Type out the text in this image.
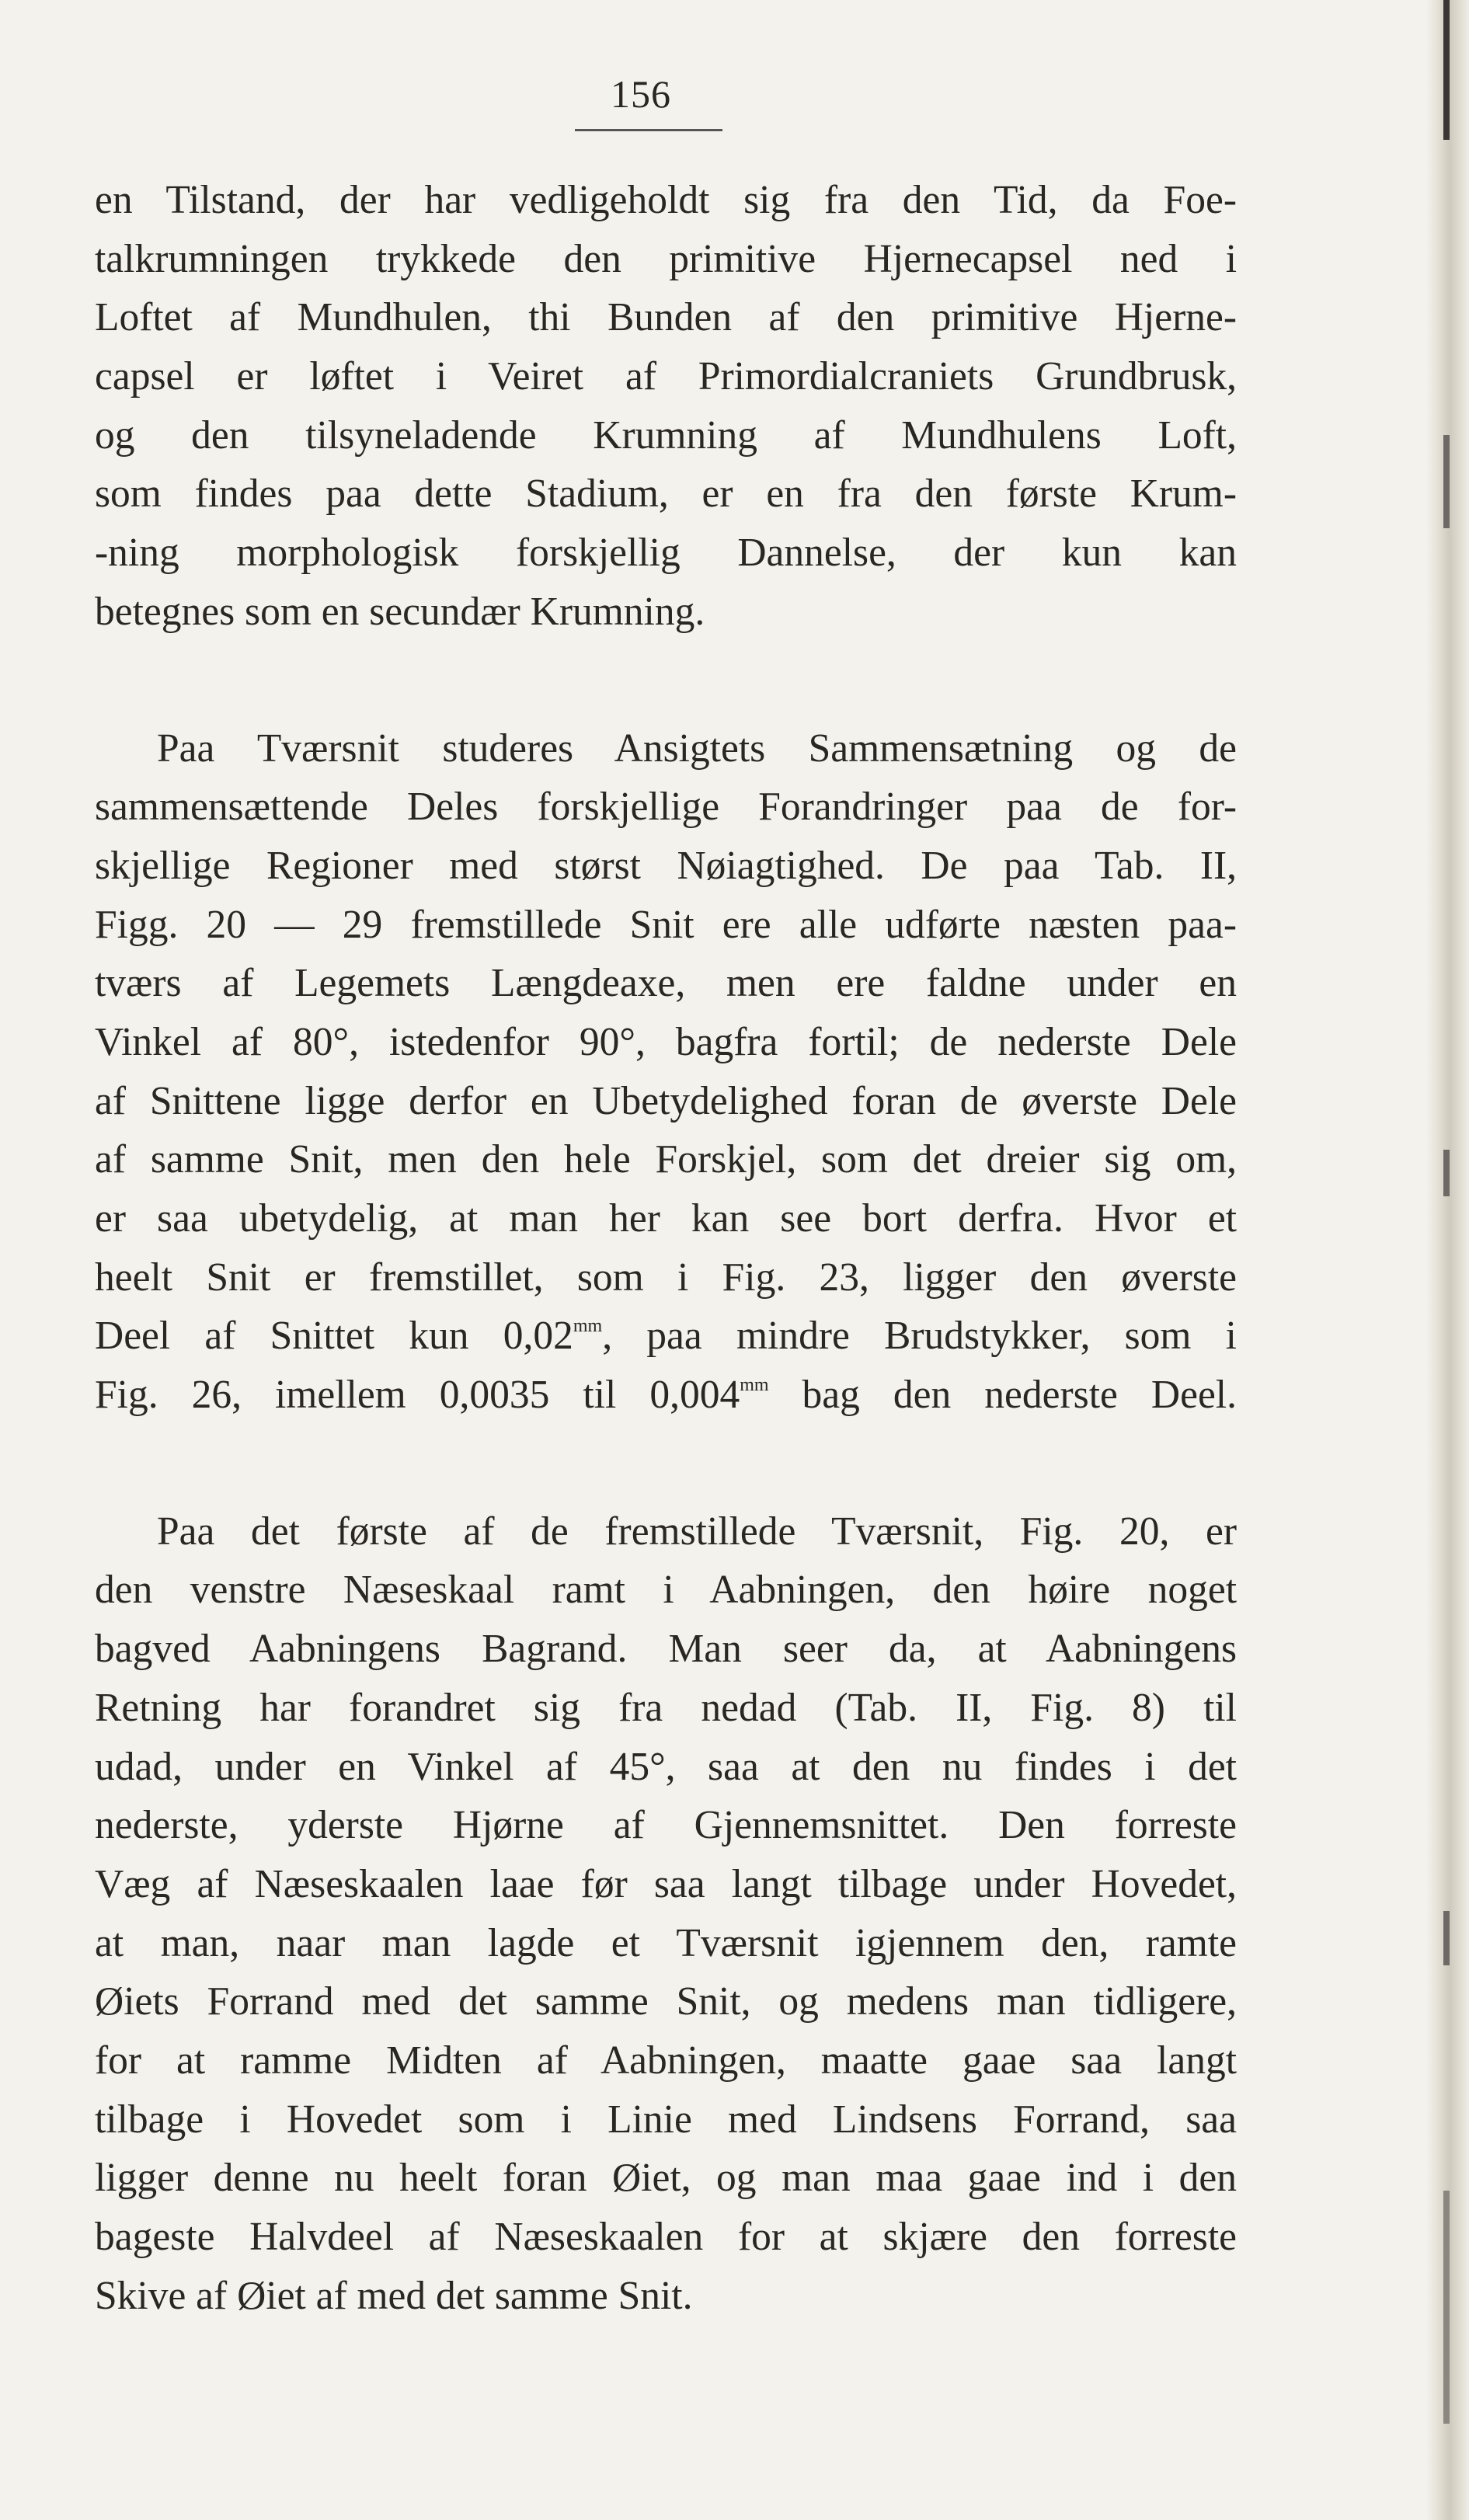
156
en Tilstand, der har vedligeholdt sig fra den Tid, da Foe-
talkrumningen trykkede den primitive Hjernecapsel ned i
Loftet af Mundhulen, thi Bunden af den primitive Hjerne-
capsel er løftet i Veiret af Primordialcraniets Grundbrusk,
og den tilsyneladende Krumning af Mundhulens Loft,
som findes paa dette Stadium, er en fra den første Krum-
-ning morphologisk forskjellig Dannelse, der kun kan
betegnes som en secundær Krumning.
Paa Tværsnit studeres Ansigtets Sammensætning og de
sammensættende Deles forskjellige Forandringer paa de for-
skjellige Regioner med størst Nøiagtighed. De paa Tab. II,
Figg. 20 — 29 fremstillede Snit ere alle udførte næsten paa-
tværs af Legemets Længdeaxe, men ere faldne under en
Vinkel af 80°, istedenfor 90°, bagfra fortil; de nederste Dele
af Snittene ligge derfor en Ubetydelighed foran de øverste Dele
af samme Snit, men den hele Forskjel, som det dreier sig om,
er saa ubetydelig, at man her kan see bort derfra. Hvor et
heelt Snit er fremstillet, som i Fig. 23, ligger den øverste
Deel af Snittet kun $0,02^{mm}$, paa mindre Brudstykker, som i
Fig. 26, imellem 0,0035 til $0,004^{mm}$ bag den nederste Deel.
Paa det første af de fremstillede Tværsnit, Fig. 20, er
den venstre Næseskaal ramt i Aabningen, den høire noget
bagved Aabningens Bagrand. Man seer da, at Aabningens
Retning har forandret sig fra nedad (Tab. II, Fig. 8) til
udad, under en Vinkel af 45°, saa at den nu findes i det
nederste, yderste Hjørne af Gjennemsnittet. Den forreste
Væg af Næseskaalen laae før saa langt tilbage under Hovedet,
at man, naar man lagde et Tværsnit igjennem den, ramte
Øiets Forrand med det samme Snit, og medens man tidligere,
for at ramme Midten af Aabningen, maatte gaae saa langt
tilbage i Hovedet som i Linie med Lindsens Forrand, saa
ligger denne nu heelt foran Øiet, og man maa gaae ind i den
bageste Halvdeel af Næseskaalen for at skjære den forreste
Skive af Øiet af med det samme Snit.
